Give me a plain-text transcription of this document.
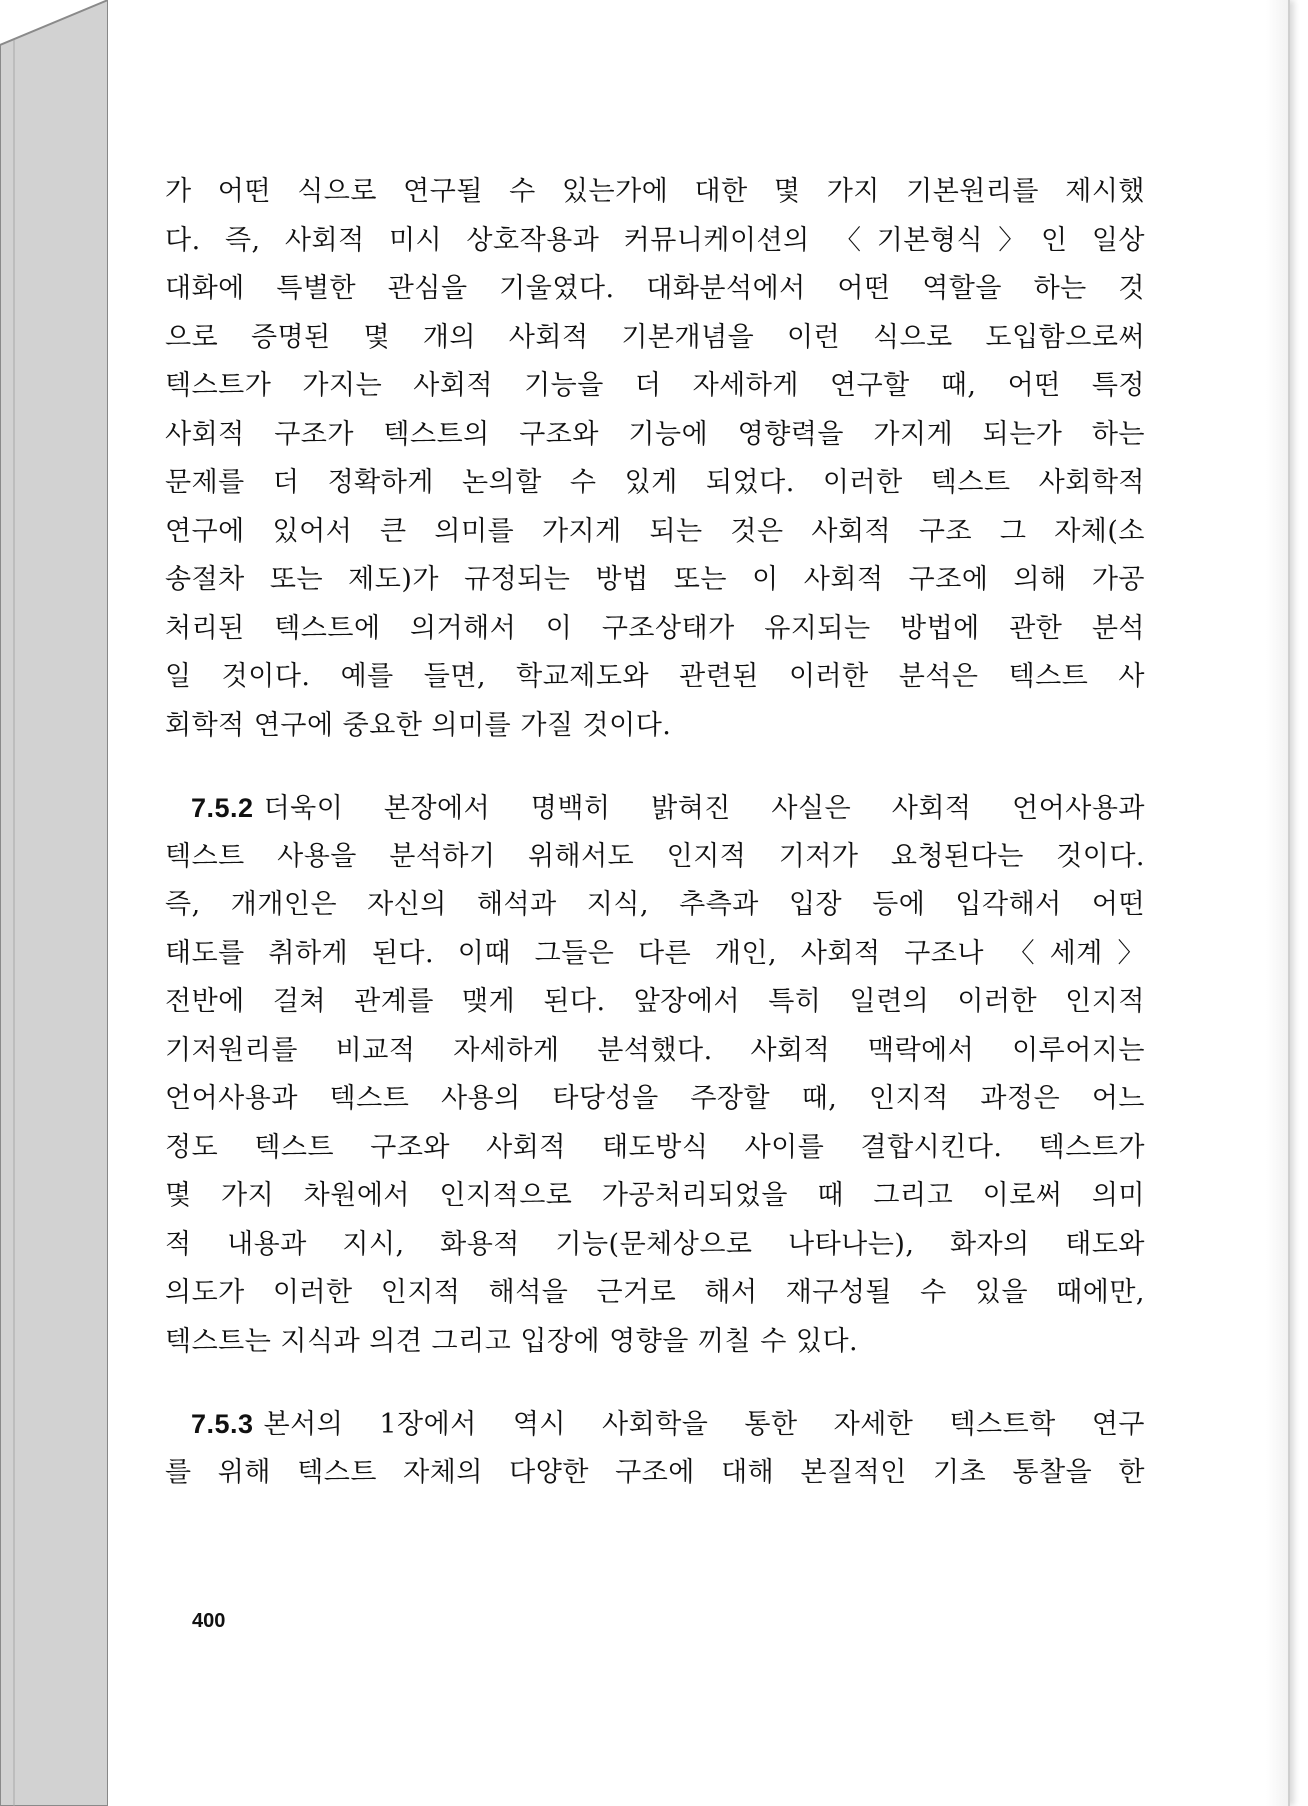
가 어떤 식으로 연구될 수 있는가에 대한 몇 가지 기본원리를 제시했
다. 즉, 사회적 미시 상호작용과 커뮤니케이션의 〈기본형식〉인 일상
대화에 특별한 관심을 기울였다. 대화분석에서 어떤 역할을 하는 것
으로 증명된 몇 개의 사회적 기본개념을 이런 식으로 도입함으로써
텍스트가 가지는 사회적 기능을 더 자세하게 연구할 때, 어떤 특정
사회적 구조가 텍스트의 구조와 기능에 영향력을 가지게 되는가 하는
문제를 더 정확하게 논의할 수 있게 되었다. 이러한 텍스트 사회학적
연구에 있어서 큰 의미를 가지게 되는 것은 사회적 구조 그 자체(소
송절차 또는 제도)가 규정되는 방법 또는 이 사회적 구조에 의해 가공
처리된 텍스트에 의거해서 이 구조상태가 유지되는 방법에 관한 분석
일 것이다. 예를 들면, 학교제도와 관련된 이러한 분석은 텍스트 사
회학적 연구에 중요한 의미를 가질 것이다.
7.5.2 더욱이 본장에서 명백히 밝혀진 사실은 사회적 언어사용과
텍스트 사용을 분석하기 위해서도 인지적 기저가 요청된다는 것이다.
즉, 개개인은 자신의 해석과 지식, 추측과 입장 등에 입각해서 어떤
태도를 취하게 된다. 이때 그들은 다른 개인, 사회적 구조나 〈세계〉
전반에 걸쳐 관계를 맺게 된다. 앞장에서 특히 일련의 이러한 인지적
기저원리를 비교적 자세하게 분석했다. 사회적 맥락에서 이루어지는
언어사용과 텍스트 사용의 타당성을 주장할 때, 인지적 과정은 어느
정도 텍스트 구조와 사회적 태도방식 사이를 결합시킨다. 텍스트가
몇 가지 차원에서 인지적으로 가공처리되었을 때 그리고 이로써 의미
적 내용과 지시, 화용적 기능(문체상으로 나타나는), 화자의 태도와
의도가 이러한 인지적 해석을 근거로 해서 재구성될 수 있을 때에만,
텍스트는 지식과 의견 그리고 입장에 영향을 끼칠 수 있다.
7.5.3 본서의 1장에서 역시 사회학을 통한 자세한 텍스트학 연구
를 위해 텍스트 자체의 다양한 구조에 대해 본질적인 기초 통찰을 한
400
